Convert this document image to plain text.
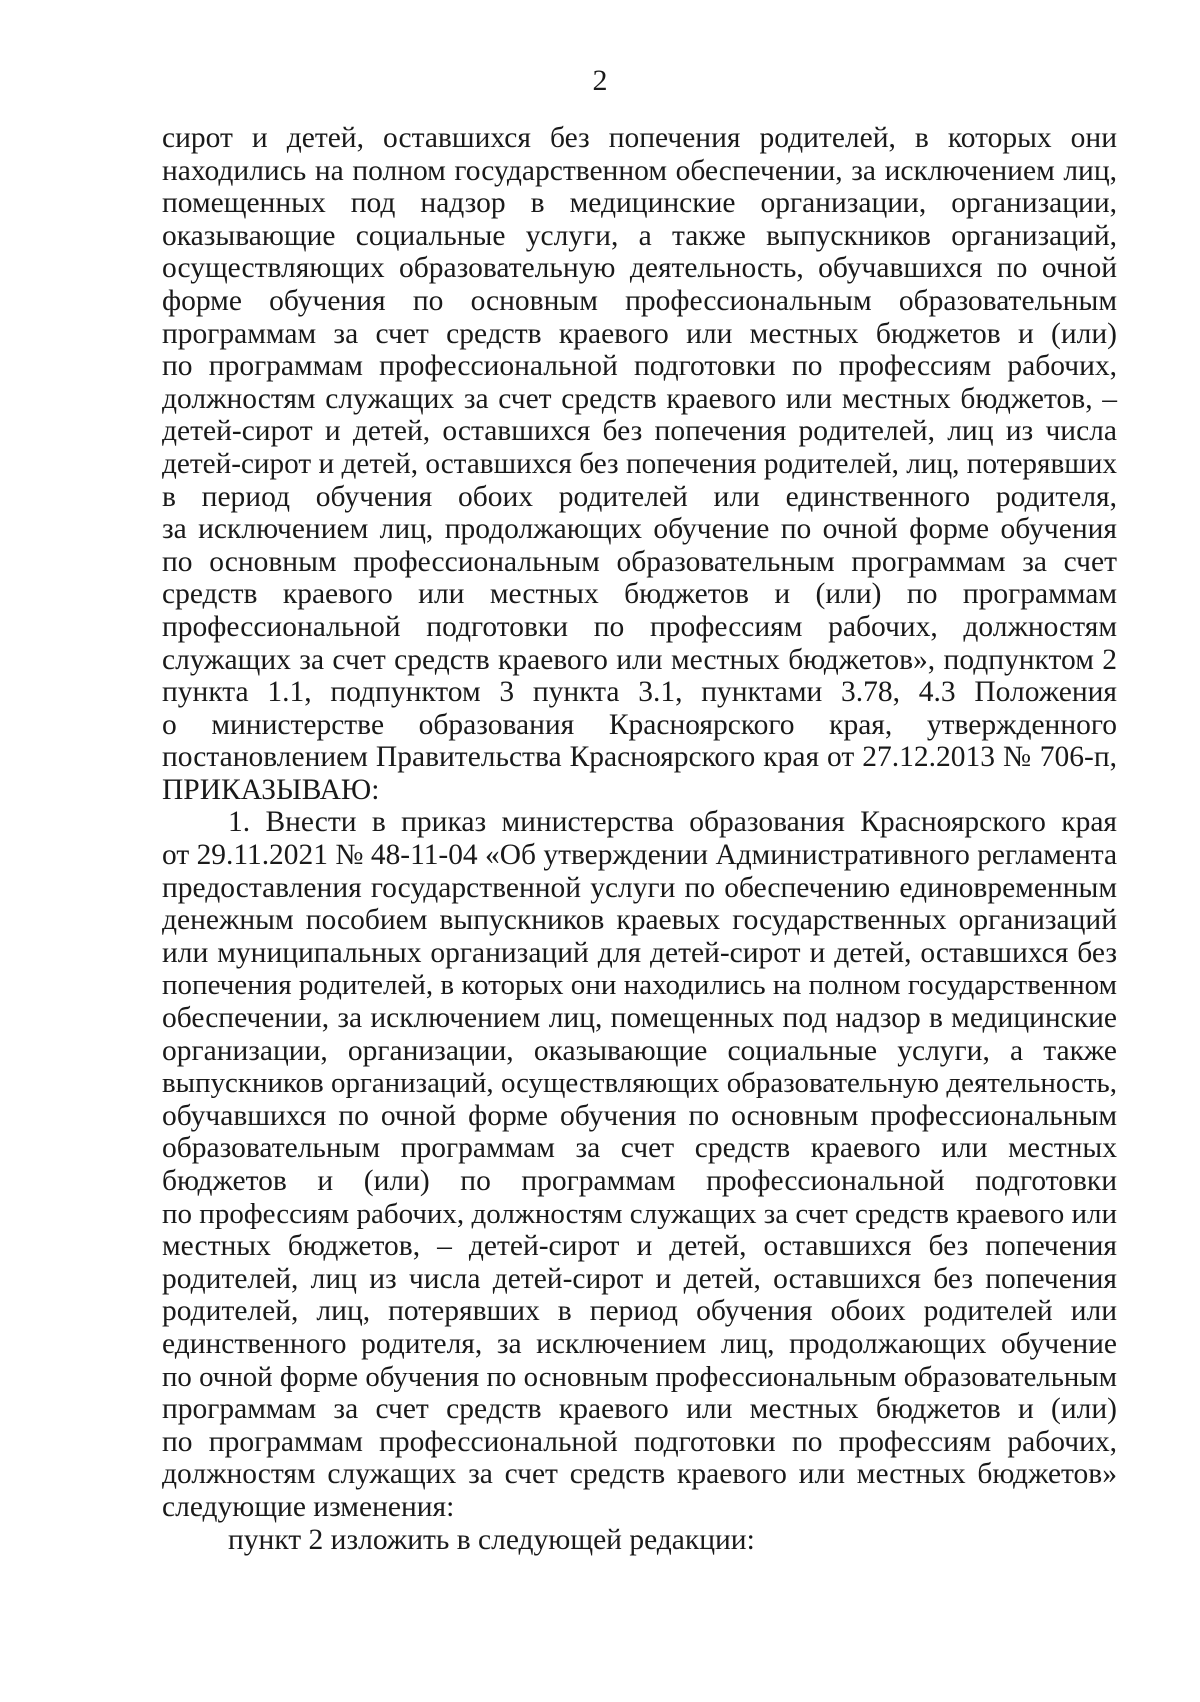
2
сирот и детей, оставшихся без попечения родителей, в которых они
находились на полном государственном обеспечении, за исключением лиц,
помещенных под надзор в медицинские организации, организации,
оказывающие социальные услуги, а также выпускников организаций,
осуществляющих образовательную деятельность, обучавшихся по очной
форме обучения по основным профессиональным образовательным
программам за счет средств краевого или местных бюджетов и (или)
по программам профессиональной подготовки по профессиям рабочих,
должностям служащих за счет средств краевого или местных бюджетов, –
детей-сирот и детей, оставшихся без попечения родителей, лиц из числа
детей-сирот и детей, оставшихся без попечения родителей, лиц, потерявших
в период обучения обоих родителей или единственного родителя,
за исключением лиц, продолжающих обучение по очной форме обучения
по основным профессиональным образовательным программам за счет
средств краевого или местных бюджетов и (или) по программам
профессиональной подготовки по профессиям рабочих, должностям
служащих за счет средств краевого или местных бюджетов», подпунктом 2
пункта 1.1, подпунктом 3 пункта 3.1, пунктами 3.78, 4.3 Положения
о министерстве образования Красноярского края, утвержденного
постановлением Правительства Красноярского края от 27.12.2013 № 706-п,
ПРИКАЗЫВАЮ:
1. Внести в приказ министерства образования Красноярского края
от 29.11.2021 № 48-11-04 «Об утверждении Административного регламента
предоставления государственной услуги по обеспечению единовременным
денежным пособием выпускников краевых государственных организаций
или муниципальных организаций для детей-сирот и детей, оставшихся без
попечения родителей, в которых они находились на полном государственном
обеспечении, за исключением лиц, помещенных под надзор в медицинские
организации, организации, оказывающие социальные услуги, а также
выпускников организаций, осуществляющих образовательную деятельность,
обучавшихся по очной форме обучения по основным профессиональным
образовательным программам за счет средств краевого или местных
бюджетов и (или) по программам профессиональной подготовки
по профессиям рабочих, должностям служащих за счет средств краевого или
местных бюджетов, – детей-сирот и детей, оставшихся без попечения
родителей, лиц из числа детей-сирот и детей, оставшихся без попечения
родителей, лиц, потерявших в период обучения обоих родителей или
единственного родителя, за исключением лиц, продолжающих обучение
по очной форме обучения по основным профессиональным образовательным
программам за счет средств краевого или местных бюджетов и (или)
по программам профессиональной подготовки по профессиям рабочих,
должностям служащих за счет средств краевого или местных бюджетов»
следующие изменения:
пункт 2 изложить в следующей редакции:
